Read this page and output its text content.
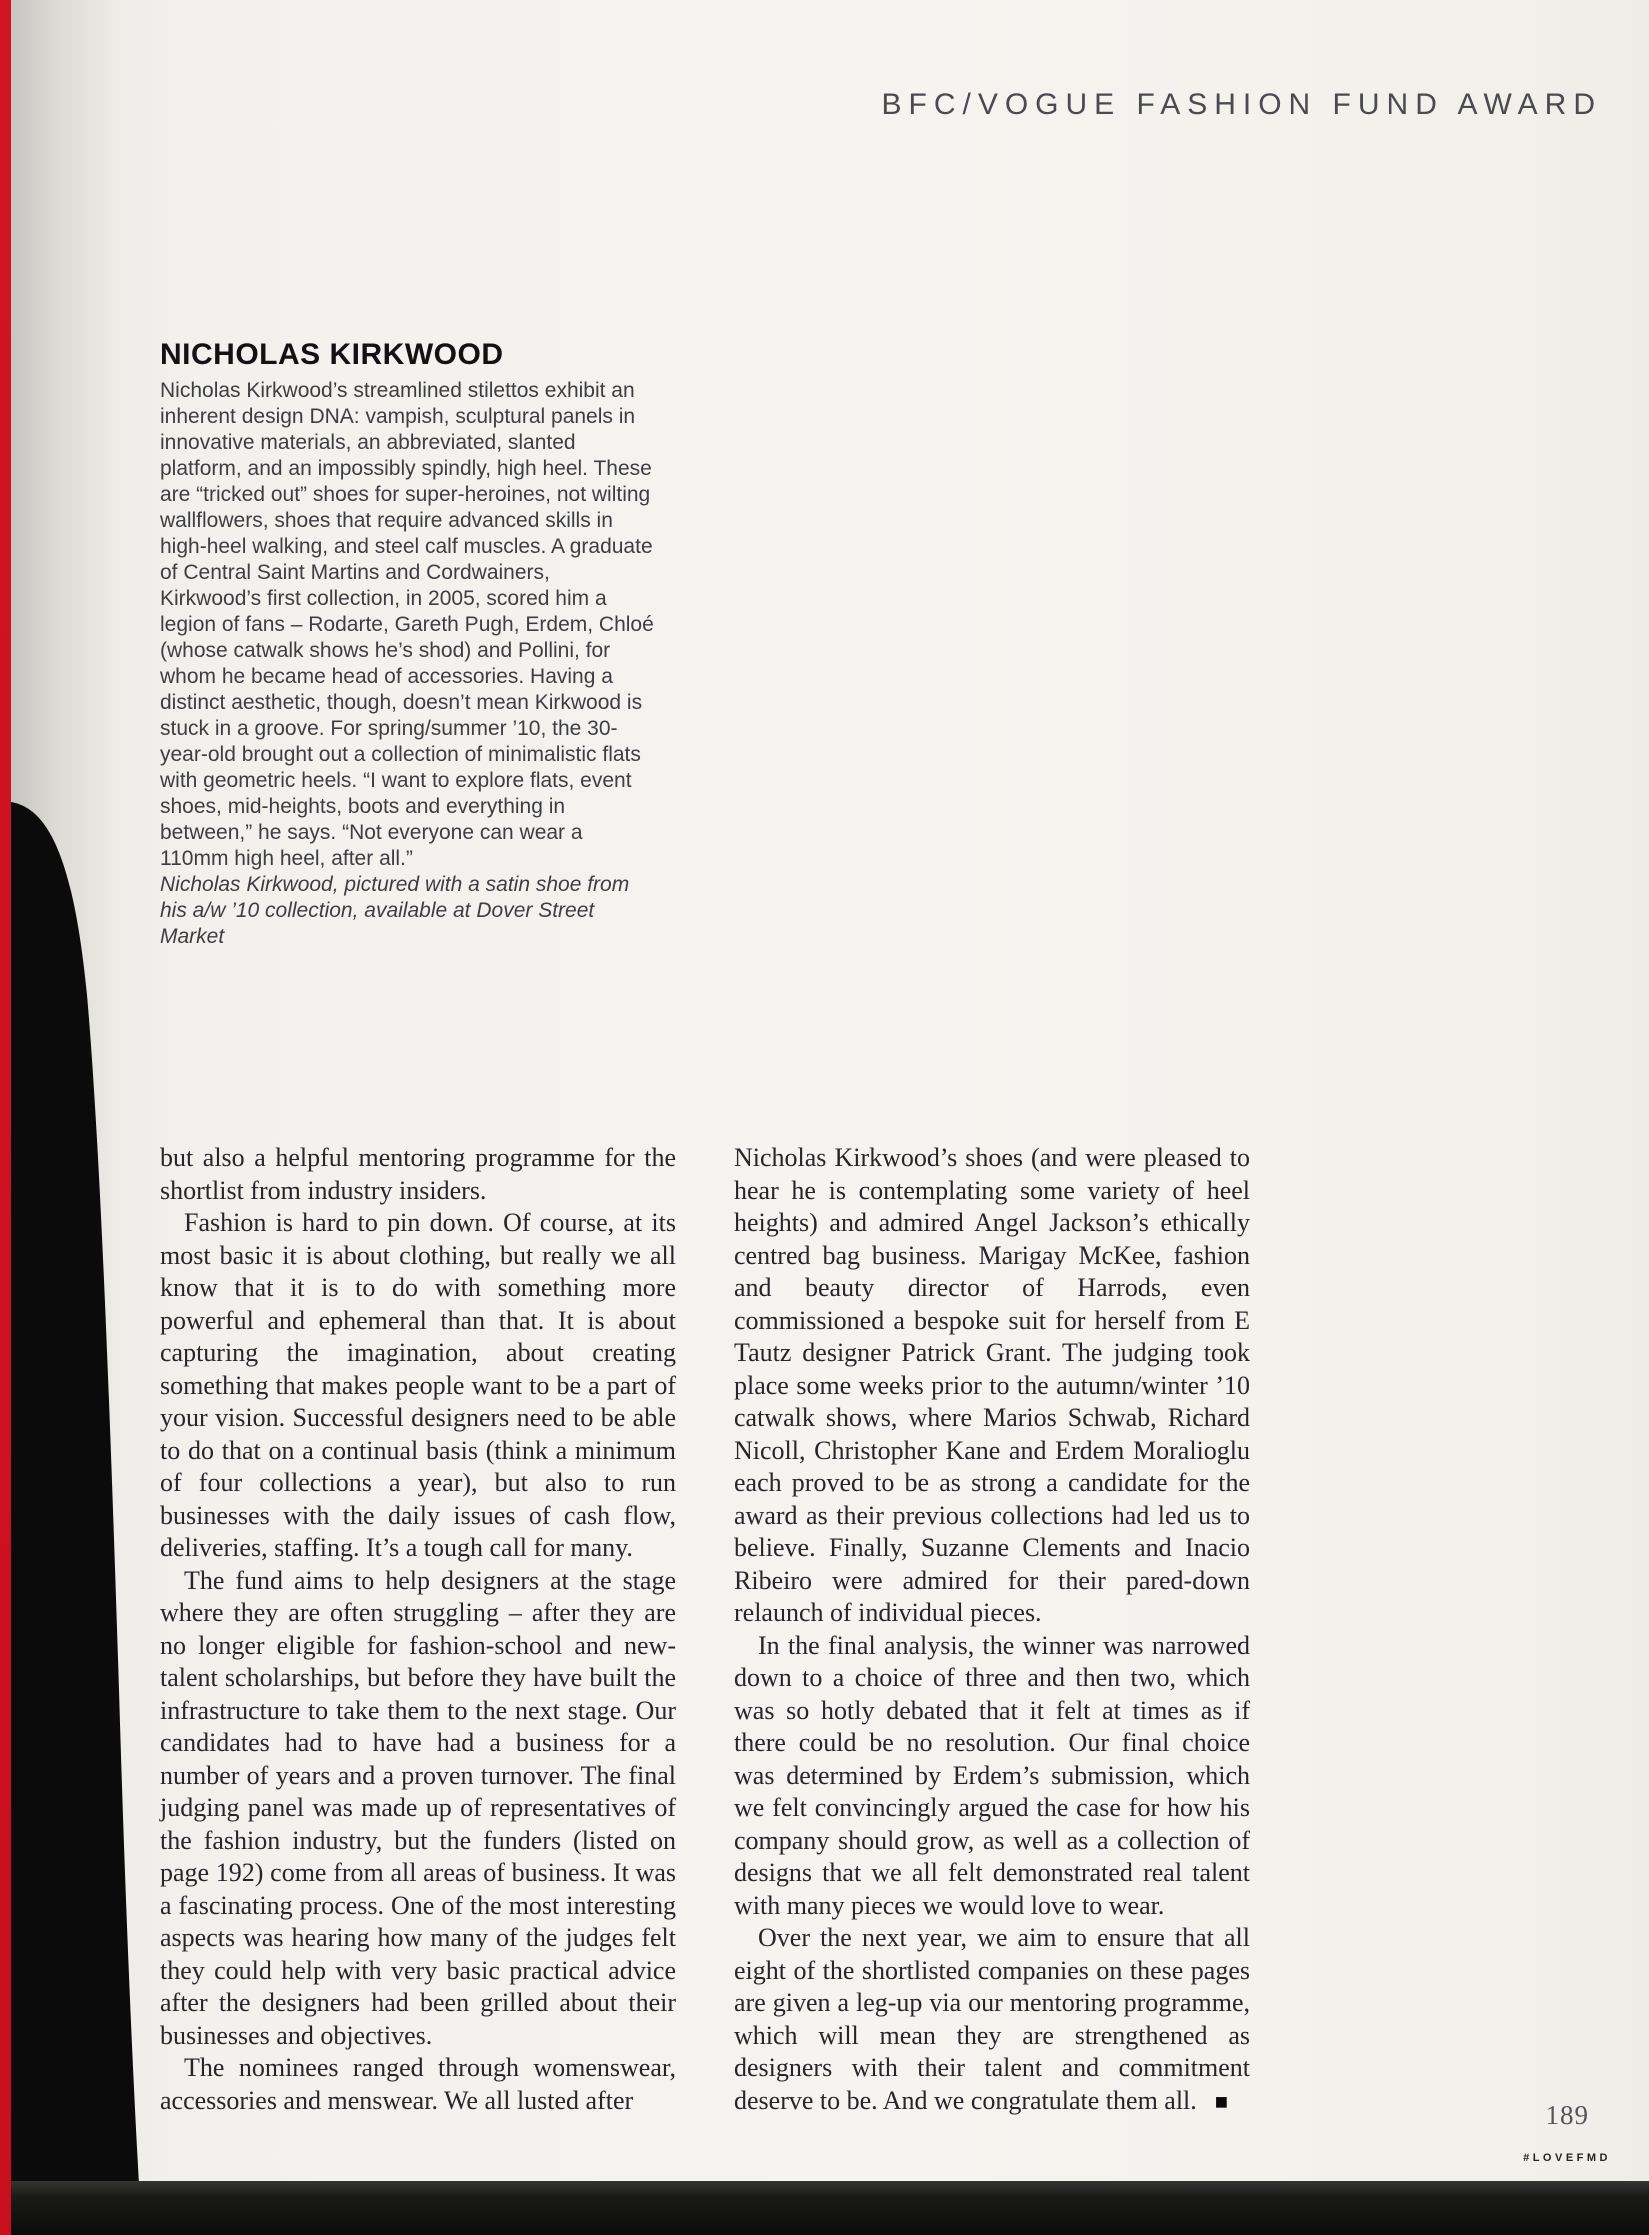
BFC/VOGUE FASHION FUND AWARD
NICHOLAS KIRKWOOD

Nicholas Kirkwood’s streamlined stilettos exhibit an inherent design DNA: vampish, sculptural panels in innovative materials, an abbreviated, slanted platform, and an impossibly spindly, high heel. These are “tricked out” shoes for super-heroines, not wilting wallflowers, shoes that require advanced skills in high-heel walking, and steel calf muscles. A graduate of Central Saint Martins and Cordwainers, Kirkwood’s first collection, in 2005, scored him a legion of fans – Rodarte, Gareth Pugh, Erdem, Chloé (whose catwalk shows he’s shod) and Pollini, for whom he became head of accessories. Having a distinct aesthetic, though, doesn’t mean Kirkwood is stuck in a groove. For spring/summer ’10, the 30-year-old brought out a collection of minimalistic flats with geometric heels. “I want to explore flats, event shoes, mid-heights, boots and everything in between,” he says. “Not everyone can wear a 110mm high heel, after all.”

Nicholas Kirkwood, pictured with a satin shoe from his a/w ’10 collection, available at Dover Street Market

but also a helpful mentoring programme for the shortlist from industry insiders.

Fashion is hard to pin down. Of course, at its most basic it is about clothing, but really we all know that it is to do with something more powerful and ephemeral than that. It is about capturing the imagination, about creating something that makes people want to be a part of your vision. Successful designers need to be able to do that on a continual basis (think a minimum of four collections a year), but also to run businesses with the daily issues of cash flow, deliveries, staffing. It’s a tough call for many.

The fund aims to help designers at the stage where they are often struggling – after they are no longer eligible for fashion-school and new-talent scholarships, but before they have built the infrastructure to take them to the next stage. Our candidates had to have had a business for a number of years and a proven turnover. The final judging panel was made up of representatives of the fashion industry, but the funders (listed on page 192) come from all areas of business. It was a fascinating process. One of the most interesting aspects was hearing how many of the judges felt they could help with very basic practical advice after the designers had been grilled about their businesses and objectives.

The nominees ranged through womenswear, accessories and menswear. We all lusted after

Nicholas Kirkwood’s shoes (and were pleased to hear he is contemplating some variety of heel heights) and admired Angel Jackson’s ethically centred bag business. Marigay McKee, fashion and beauty director of Harrods, even commissioned a bespoke suit for herself from E Tautz designer Patrick Grant. The judging took place some weeks prior to the autumn/winter ’10 catwalk shows, where Marios Schwab, Richard Nicoll, Christopher Kane and Erdem Moralioglu each proved to be as strong a candidate for the award as their previous collections had led us to believe. Finally, Suzanne Clements and Inacio Ribeiro were admired for their pared-down relaunch of individual pieces.

In the final analysis, the winner was narrowed down to a choice of three and then two, which was so hotly debated that it felt at times as if there could be no resolution. Our final choice was determined by Erdem’s submission, which we felt convincingly argued the case for how his company should grow, as well as a collection of designs that we all felt demonstrated real talent with many pieces we would love to wear.

Over the next year, we aim to ensure that all eight of the shortlisted companies on these pages are given a leg-up via our mentoring programme, which will mean they are strengthened as designers with their talent and commitment deserve to be. And we congratulate them all. ■	189
#LOVEFMD
